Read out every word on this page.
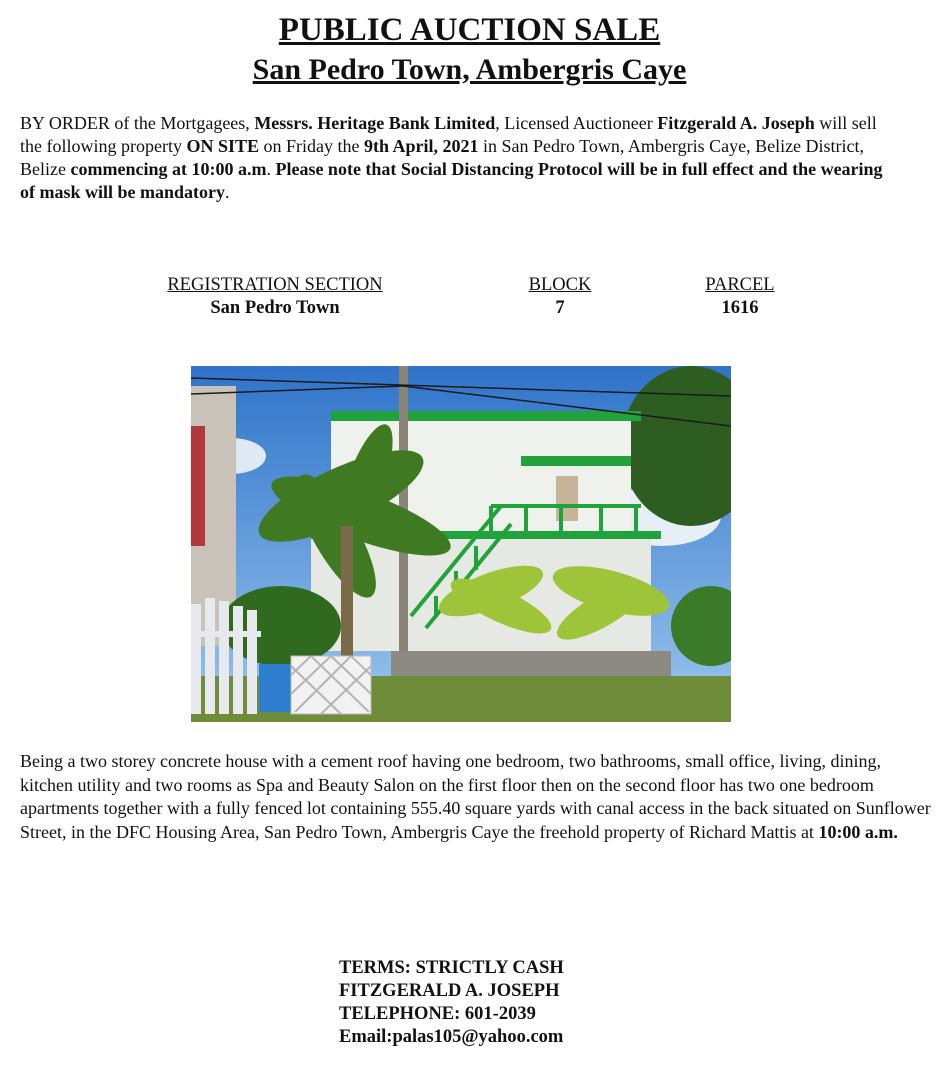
PUBLIC AUCTION SALE
San Pedro Town, Ambergris Caye

BY ORDER of the Mortgagees, Messrs. Heritage Bank Limited, Licensed Auctioneer Fitzgerald A. Joseph will sell the following property ON SITE on Friday the 9th April, 2021 in San Pedro Town, Ambergris Caye, Belize District, Belize commencing at 10:00 a.m. Please note that Social Distancing Protocol will be in full effect and the wearing of mask will be mandatory.

REGISTRATION SECTION
San Pedro Town
BLOCK
7
PARCEL
1616

Being a two storey concrete house with a cement roof having one bedroom, two bathrooms, small office, living, dining, kitchen utility and two rooms as Spa and Beauty Salon on the first floor then on the second floor has two one bedroom apartments together with a fully fenced lot containing 555.40 square yards with canal access in the back situated on Sunflower Street, in the DFC Housing Area, San Pedro Town, Ambergris Caye the freehold property of Richard Mattis at 10:00 a.m.

TERMS: STRICTLY CASH
FITZGERALD A. JOSEPH
TELEPHONE: 601-2039
Email:palas105@yahoo.com
